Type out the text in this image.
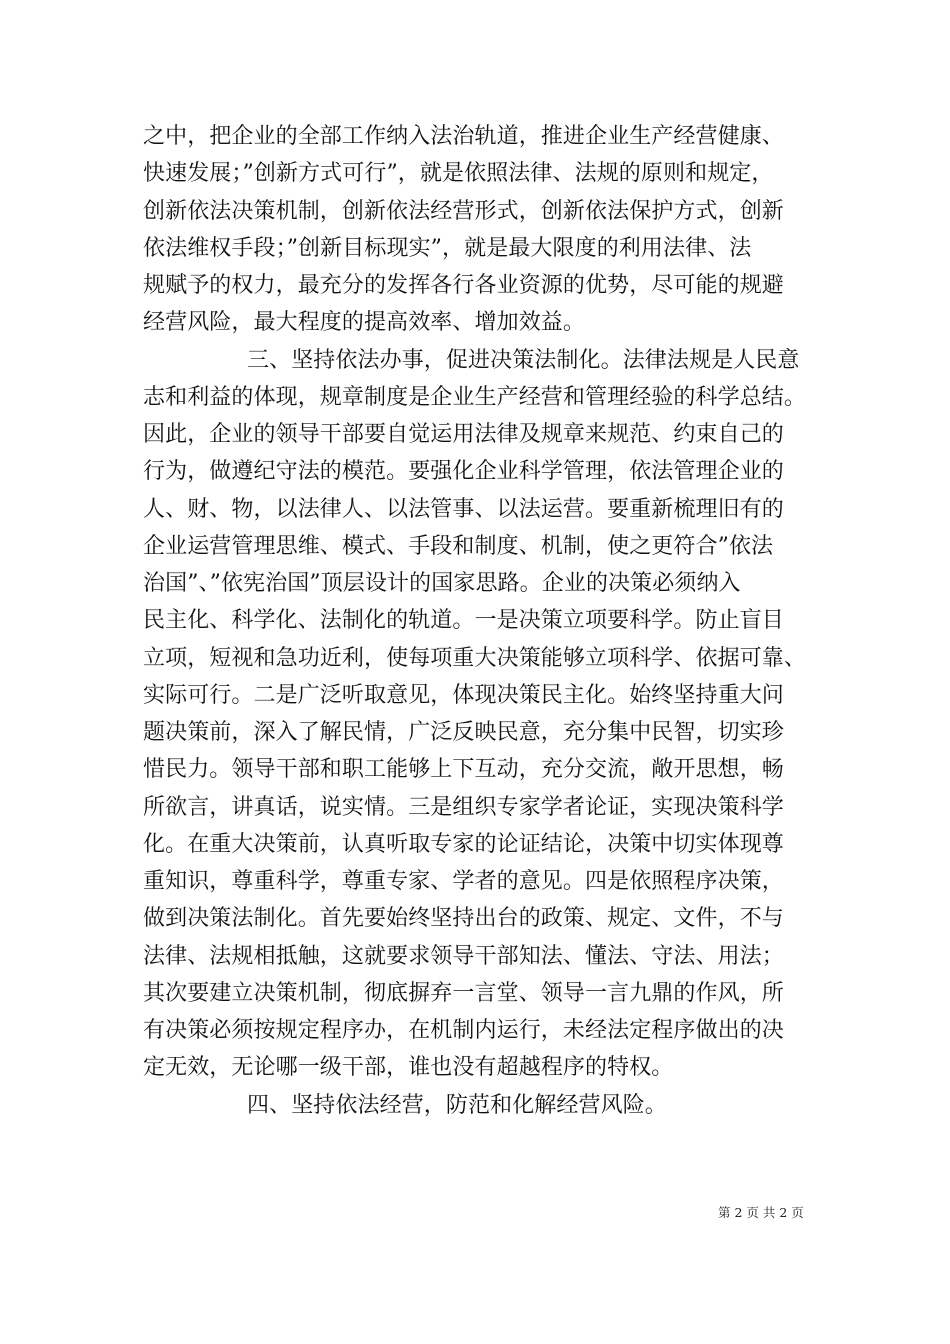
之中，把企业的全部工作纳入法治轨道，推进企业生产经营健康、
快速发展；”创新方式可行”，就是依照法律、法规的原则和规定，
创新依法决策机制，创新依法经营形式，创新依法保护方式，创新
依法维权手段；”创新目标现实”，就是最大限度的利用法律、法
规赋予的权力，最充分的发挥各行各业资源的优势，尽可能的规避
经营风险，最大程度的提高效率、增加效益。
三、坚持依法办事，促进决策法制化。法律法规是人民意
志和利益的体现，规章制度是企业生产经营和管理经验的科学总结。
因此，企业的领导干部要自觉运用法律及规章来规范、约束自己的
行为，做遵纪守法的模范。要强化企业科学管理，依法管理企业的
人、财、物，以法律人、以法管事、以法运营。要重新梳理旧有的
企业运营管理思维、模式、手段和制度、机制，使之更符合”依法
治国”、”依宪治国”顶层设计的国家思路。企业的决策必须纳入
民主化、科学化、法制化的轨道。一是决策立项要科学。防止盲目
立项，短视和急功近利，使每项重大决策能够立项科学、依据可靠、
实际可行。二是广泛听取意见，体现决策民主化。始终坚持重大问
题决策前，深入了解民情，广泛反映民意，充分集中民智，切实珍
惜民力。领导干部和职工能够上下互动，充分交流，敞开思想，畅
所欲言，讲真话，说实情。三是组织专家学者论证，实现决策科学
化。在重大决策前，认真听取专家的论证结论，决策中切实体现尊
重知识，尊重科学，尊重专家、学者的意见。四是依照程序决策，
做到决策法制化。首先要始终坚持出台的政策、规定、文件，不与
法律、法规相抵触，这就要求领导干部知法、懂法、守法、用法；
其次要建立决策机制，彻底摒弃一言堂、领导一言九鼎的作风，所
有决策必须按规定程序办，在机制内运行，未经法定程序做出的决
定无效，无论哪一级干部，谁也没有超越程序的特权。
四、坚持依法经营，防范和化解经营风险。
第 2 页 共 2 页
